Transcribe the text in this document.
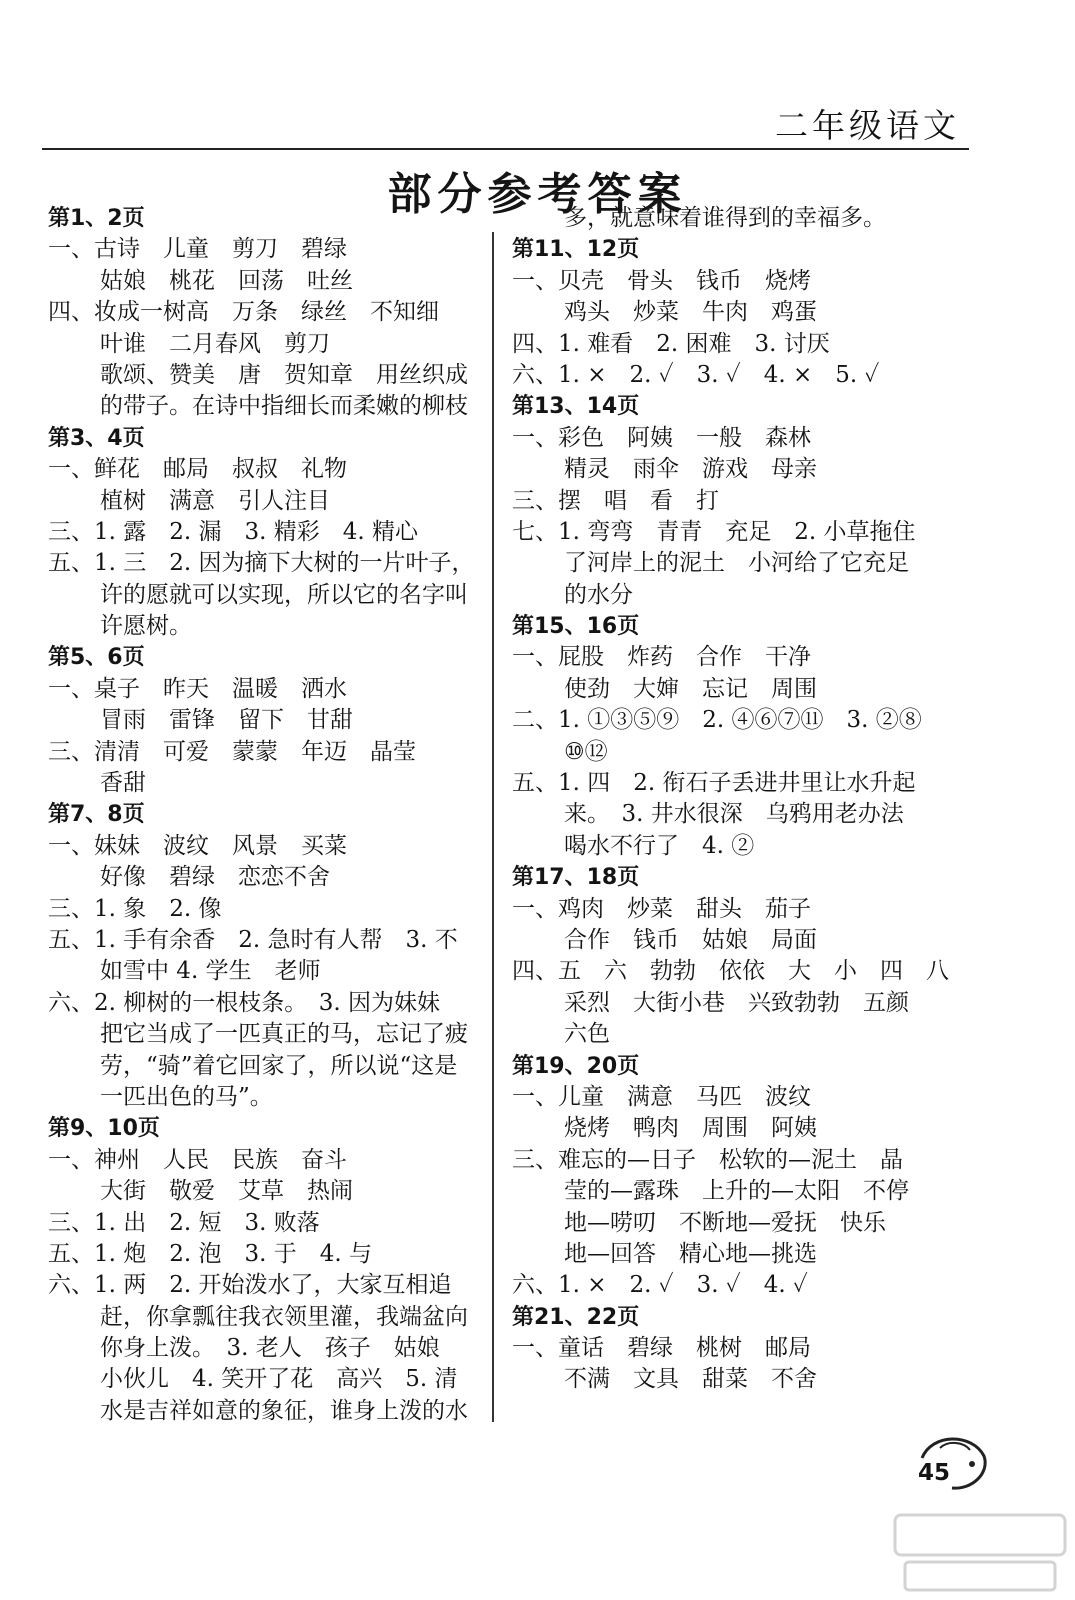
二年级语文
部分参考答案
第1、2页
一、古诗　儿童　剪刀　碧绿
姑娘　桃花　回荡　吐丝
四、妆成一树高　万条　绿丝　不知细
叶谁　二月春风　剪刀
歌颂、赞美　唐　贺知章　用丝织成
的带子。在诗中指细长而柔嫩的柳枝
第3、4页
一、鲜花　邮局　叔叔　礼物
植树　满意　引人注目
三、1. 露　2. 漏　3. 精彩　4. 精心
五、1. 三　2. 因为摘下大树的一片叶子，
许的愿就可以实现，所以它的名字叫
许愿树。
第5、6页
一、桌子　昨天　温暖　洒水
冒雨　雷锋　留下　甘甜
三、清清　可爱　蒙蒙　年迈　晶莹
香甜
第7、8页
一、妹妹　波纹　风景　买菜
好像　碧绿　恋恋不舍
三、1. 象　2. 像
五、1. 手有余香　2. 急时有人帮　3. 不
如雪中 4. 学生　老师
六、2. 柳树的一根枝条。　3. 因为妹妹
把它当成了一匹真正的马，忘记了疲
劳，“骑”着它回家了，所以说“这是
一匹出色的马”。
第9、10页
一、神州　人民　民族　奋斗
大街　敬爱　艾草　热闹
三、1. 出　2. 短　3. 败落
五、1. 炮　2. 泡　3. 于　4. 与
六、1. 两　2. 开始泼水了，大家互相追
赶，你拿瓢往我衣领里灌，我端盆向
你身上泼。　3. 老人　孩子　姑娘
小伙儿　4. 笑开了花　高兴　5. 清
水是吉祥如意的象征，谁身上泼的水
多，就意味着谁得到的幸福多。
第11、12页
一、贝壳　骨头　钱币　烧烤
鸡头　炒菜　牛肉　鸡蛋
四、1. 难看　2. 困难　3. 讨厌
六、1. ×　2. ✓　3. ✓　4. ×　5. ✓
第13、14页
一、彩色　阿姨　一般　森林
精灵　雨伞　游戏　母亲
三、摆　唱　看　打
七、1. 弯弯　青青　充足　2. 小草拖住
了河岸上的泥土　小河给了它充足
的水分
第15、16页
一、屁股　炸药　合作　干净
使劲　大婶　忘记　周围
二、1. ①③⑤⑨　2. ④⑥⑦⑪　3. ②⑧
⑩⑫
五、1. 四　2. 衔石子丢进井里让水升起
来。　3. 井水很深　乌鸦用老办法
喝水不行了　4. ②
第17、18页
一、鸡肉　炒菜　甜头　茄子
合作　钱币　姑娘　局面
四、五　六　勃勃　依依　大　小　四　八
采烈　大街小巷　兴致勃勃　五颜
六色
第19、20页
一、儿童　满意　马匹　波纹
烧烤　鸭肉　周围　阿姨
三、难忘的—日子　松软的—泥土　晶
莹的—露珠　上升的—太阳　不停
地—唠叨　不断地—爱抚　快乐
地—回答　精心地—挑选
六、1. ×　2. ✓　3. ✓　4. ✓
第21、22页
一、童话　碧绿　桃树　邮局
不满　文具　甜菜　不舍
45
